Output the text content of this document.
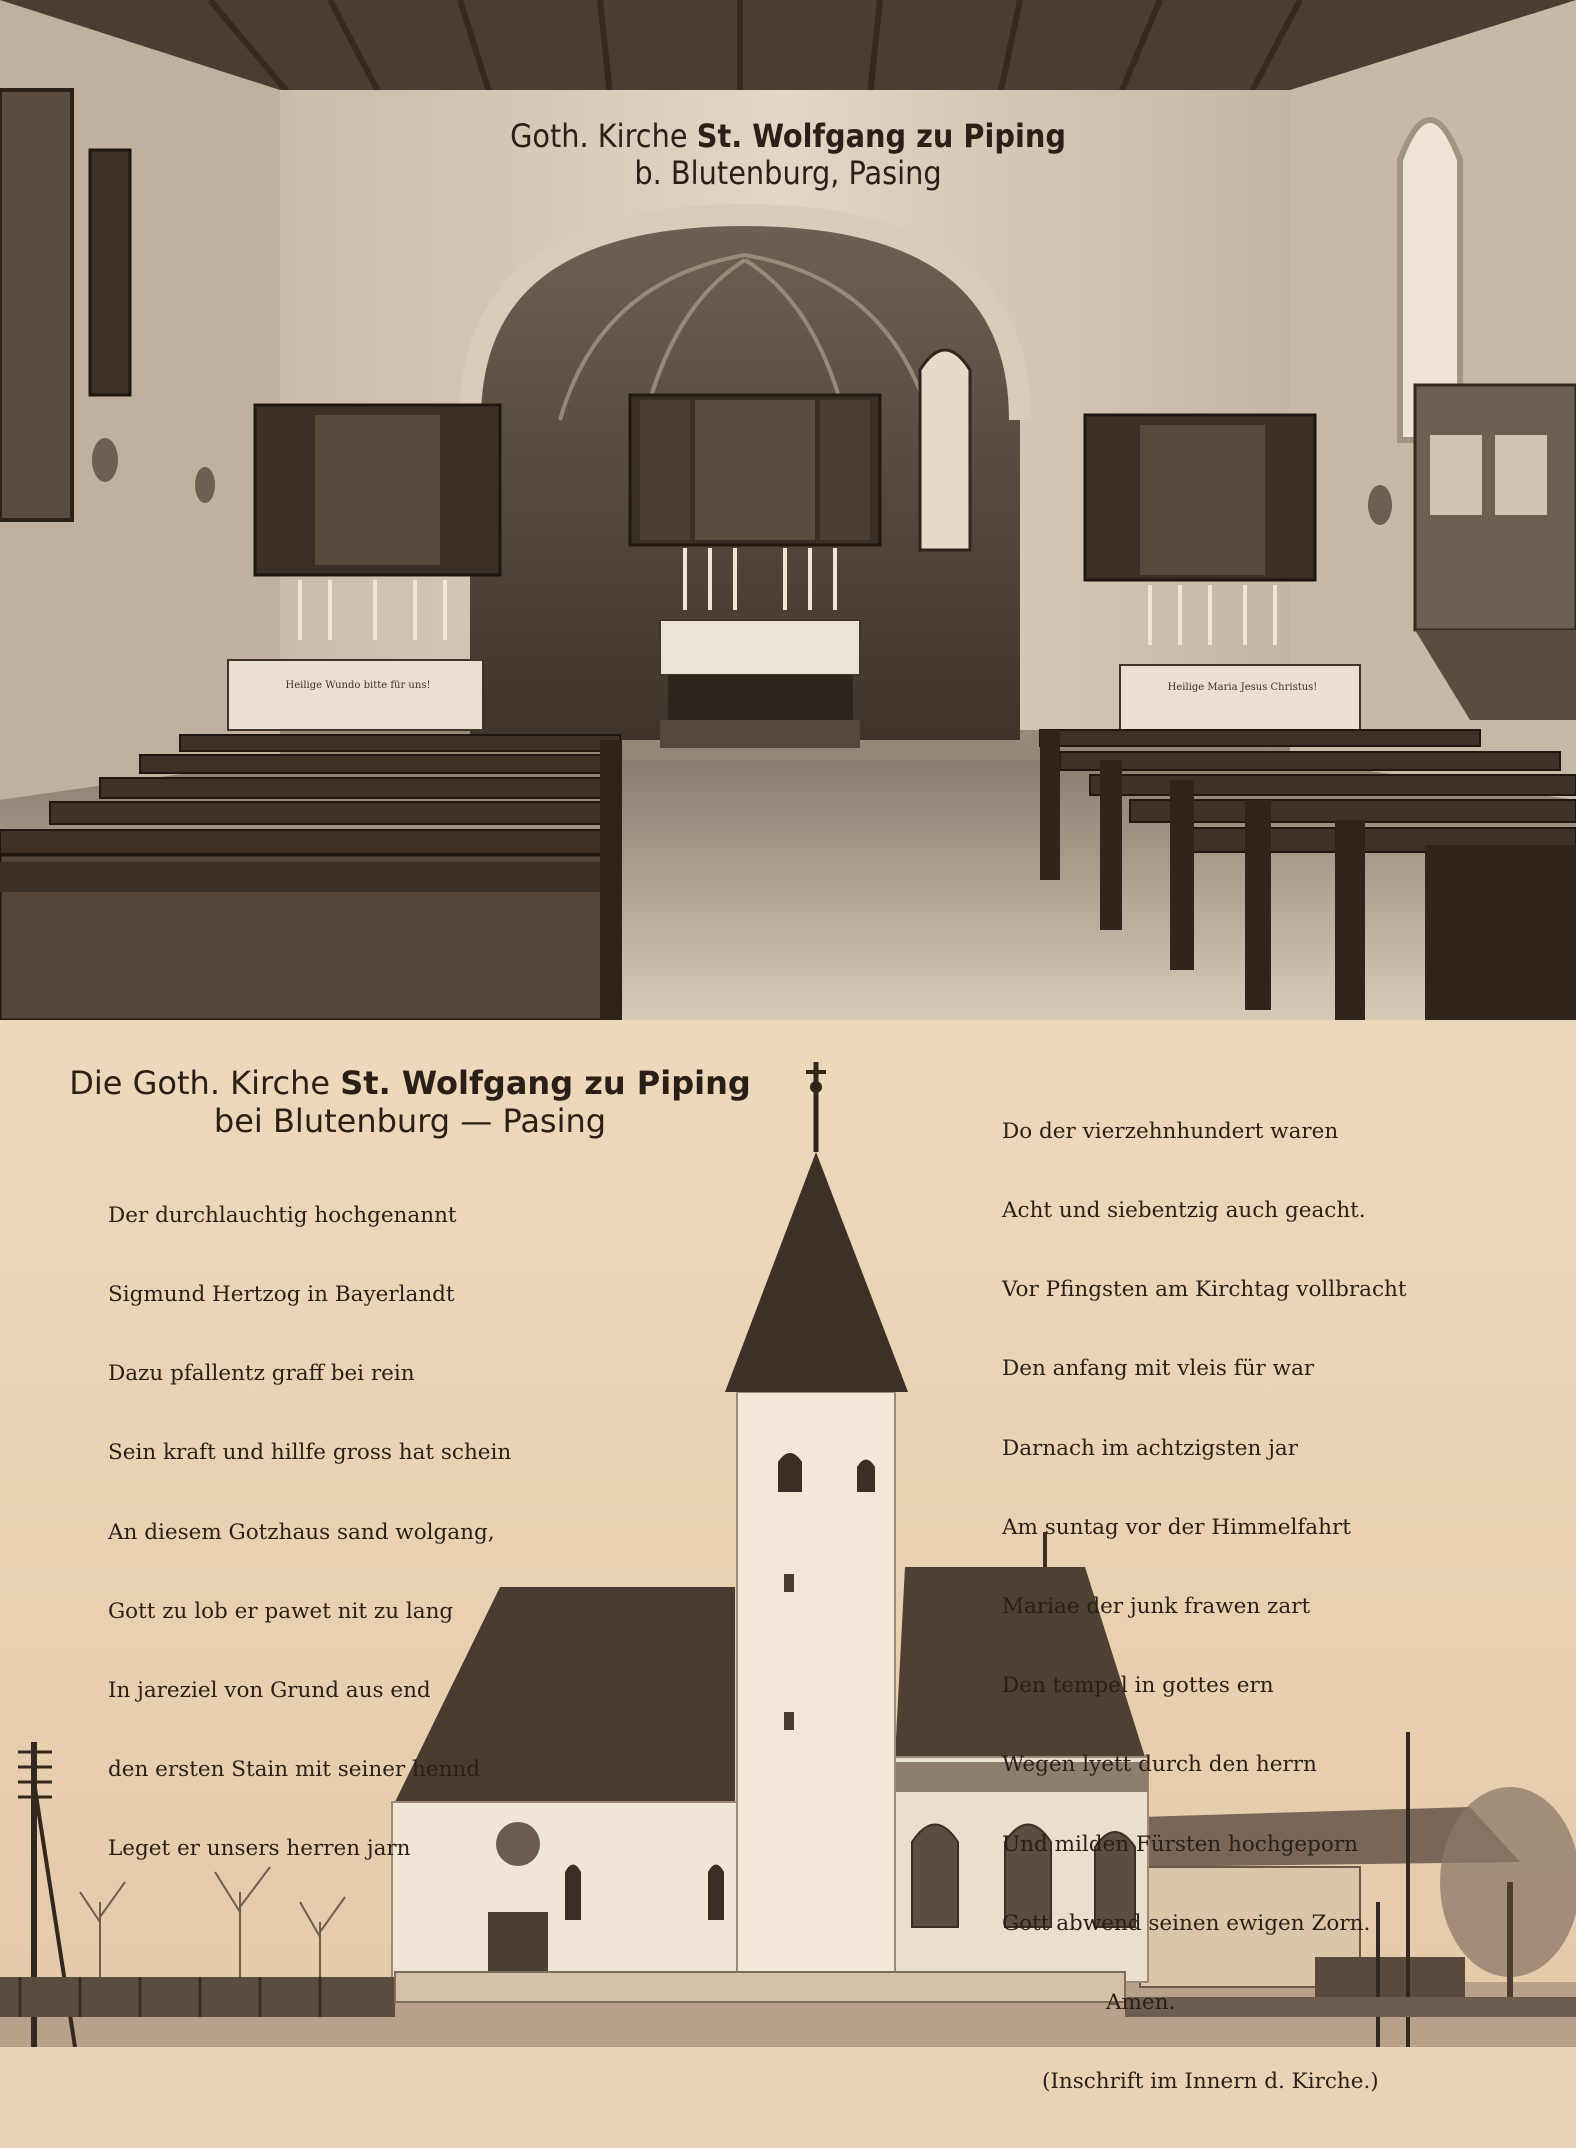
Goth. Kirche St. Wolfgang zu Piping
b. Blutenburg, Pasing
Heilige Wundo bitte für uns!	Heilige Maria Jesus Christus!
Die Goth. Kirche St. Wolfgang zu Piping
bei Blutenburg — Pasing

Der durchlauchtig hochgenannt

Sigmund Hertzog in Bayerlandt

Dazu pfallentz graff bei rein

Sein kraft und hillfe gross hat schein

An diesem Gotzhaus sand wolgang,

Gott zu lob er pawet nit zu lang

In jareziel von Grund aus end

den ersten Stain mit seiner hennd

Leget er unsers herren jarn

Do der vierzehnhundert waren

Acht und siebentzig auch geacht.

Vor Pfingsten am Kirchtag vollbracht

Den anfang mit vleis für war

Darnach im achtzigsten jar

Am suntag vor der Himmelfahrt

Mariae der junk frawen zart

Den tempel in gottes ern

Wegen lyett durch den herrn

Und milden Fürsten hochgeporn

Gott abwend seinen ewigen Zorn.

Amen.

(Inschrift im Innern d. Kirche.)
